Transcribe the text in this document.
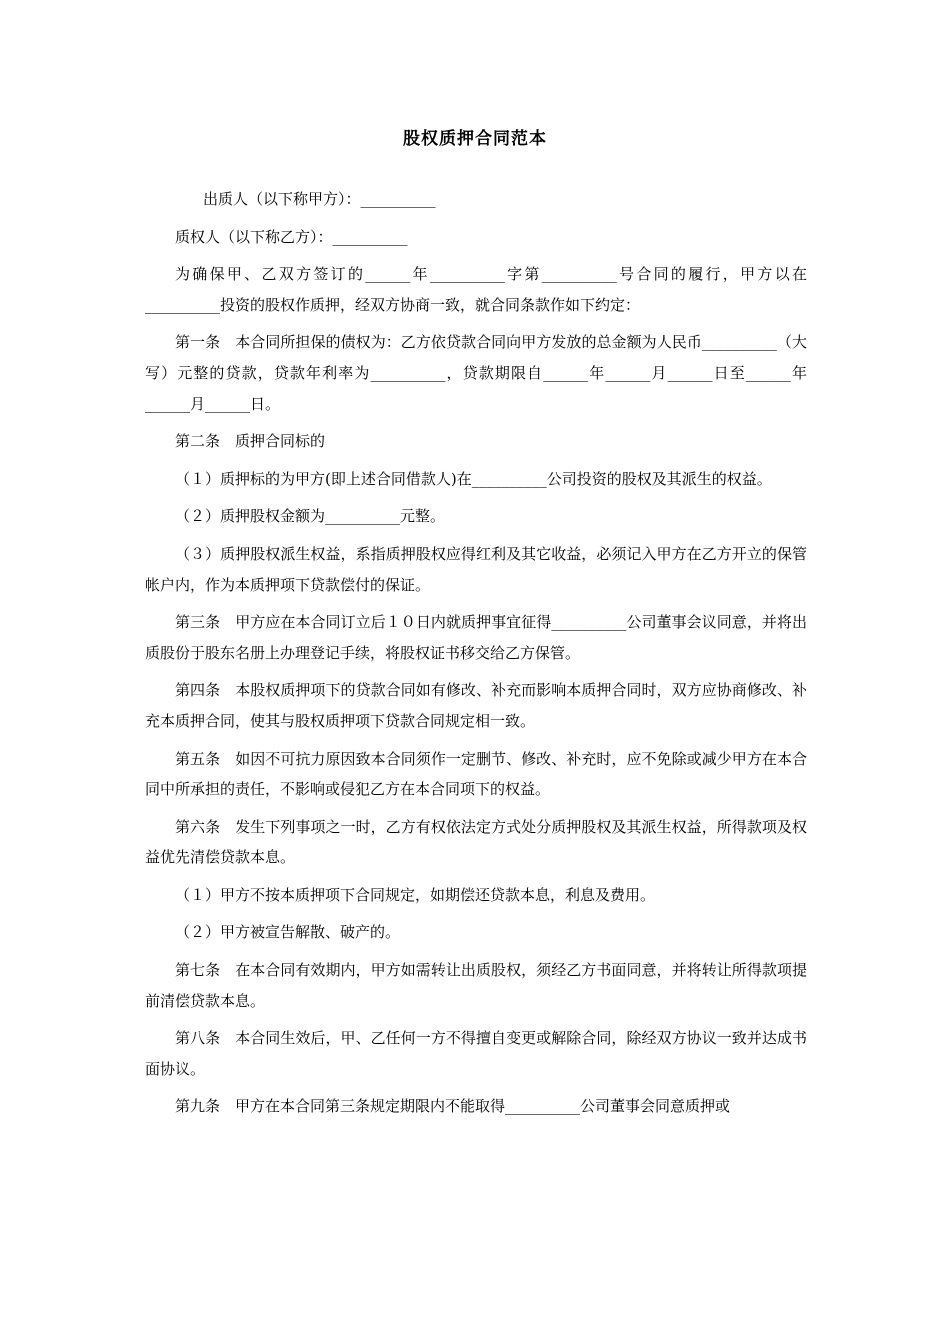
股权质押合同范本

出质人（以下称甲方）：__________

质权人（以下称乙方）：__________

为确保甲、乙双方签订的______年__________字第__________号合同的履行，甲方以在__________投资的股权作质押，经双方协商一致，就合同条款作如下约定：

第一条　本合同所担保的债权为：乙方依贷款合同向甲方发放的总金额为人民币__________（大写）元整的贷款，贷款年利率为__________，贷款期限自______年______月______日至______年______月______日。

第二条　质押合同标的

（１）质押标的为甲方(即上述合同借款人)在__________公司投资的股权及其派生的权益。

（２）质押股权金额为__________元整。

（３）质押股权派生权益，系指质押股权应得红利及其它收益，必须记入甲方在乙方开立的保管帐户内，作为本质押项下贷款偿付的保证。

第三条　甲方应在本合同订立后１０日内就质押事宜征得__________公司董事会议同意，并将出质股份于股东名册上办理登记手续，将股权证书移交给乙方保管。

第四条　本股权质押项下的贷款合同如有修改、补充而影响本质押合同时，双方应协商修改、补充本质押合同，使其与股权质押项下贷款合同规定相一致。

第五条　如因不可抗力原因致本合同须作一定删节、修改、补充时，应不免除或减少甲方在本合同中所承担的责任，不影响或侵犯乙方在本合同项下的权益。

第六条　发生下列事项之一时，乙方有权依法定方式处分质押股权及其派生权益，所得款项及权益优先清偿贷款本息。

（１）甲方不按本质押项下合同规定，如期偿还贷款本息，利息及费用。

（２）甲方被宣告解散、破产的。

第七条　在本合同有效期内，甲方如需转让出质股权，须经乙方书面同意，并将转让所得款项提前清偿贷款本息。

第八条　本合同生效后，甲、乙任何一方不得擅自变更或解除合同，除经双方协议一致并达成书面协议。

第九条　甲方在本合同第三条规定期限内不能取得__________公司董事会同意质押或
